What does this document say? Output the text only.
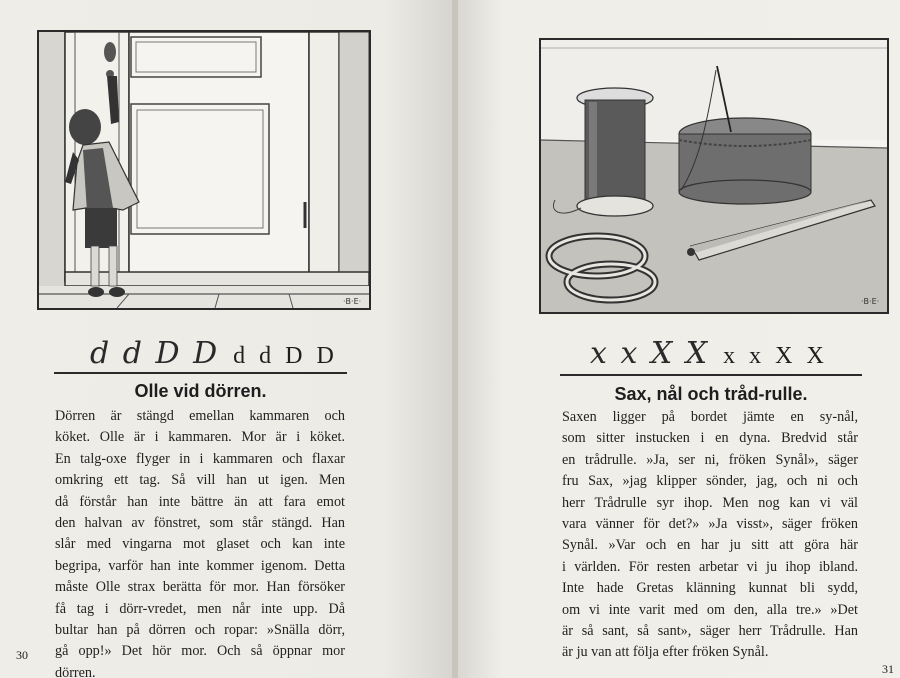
·B·E·
d d D D d d D D
Olle vid dörren.
Dörren är stängd emellan kammaren och
köket. Olle är i kammaren. Mor är i köket.
En talg-oxe flyger in i kammaren och flaxar
omkring ett tag. Så vill han ut igen. Men
då förstår han inte bättre än att fara emot
den halvan av fönstret, som står stängd. Han
slår med vingarna mot glaset och kan inte
begripa, varför han inte kommer igenom. Detta
måste Olle strax berätta för mor. Han försöker
få tag i dörr-vredet, men når inte upp. Då
bultar han på dörren och ropar: »Snälla dörr,
gå opp!» Det hör mor. Och så öppnar mor
dörren.
30
·B·E·
x x X X x x X X
Sax, nål och tråd-rulle.
Saxen ligger på bordet jämte en sy-nål,
som sitter instucken i en dyna. Bredvid står
en trådrulle. »Ja, ser ni, fröken Synål», säger
fru Sax, »jag klipper sönder, jag, och ni och
herr Trådrulle syr ihop. Men nog kan vi väl
vara vänner för det?» »Ja visst», säger fröken
Synål. »Var och en har ju sitt att göra här
i världen. För resten arbetar vi ju ihop ibland.
Inte hade Gretas klänning kunnat bli sydd,
om vi inte varit med om den, alla tre.» »Det
är så sant, så sant», säger herr Trådrulle. Han
är ju van att följa efter fröken Synål.
31
